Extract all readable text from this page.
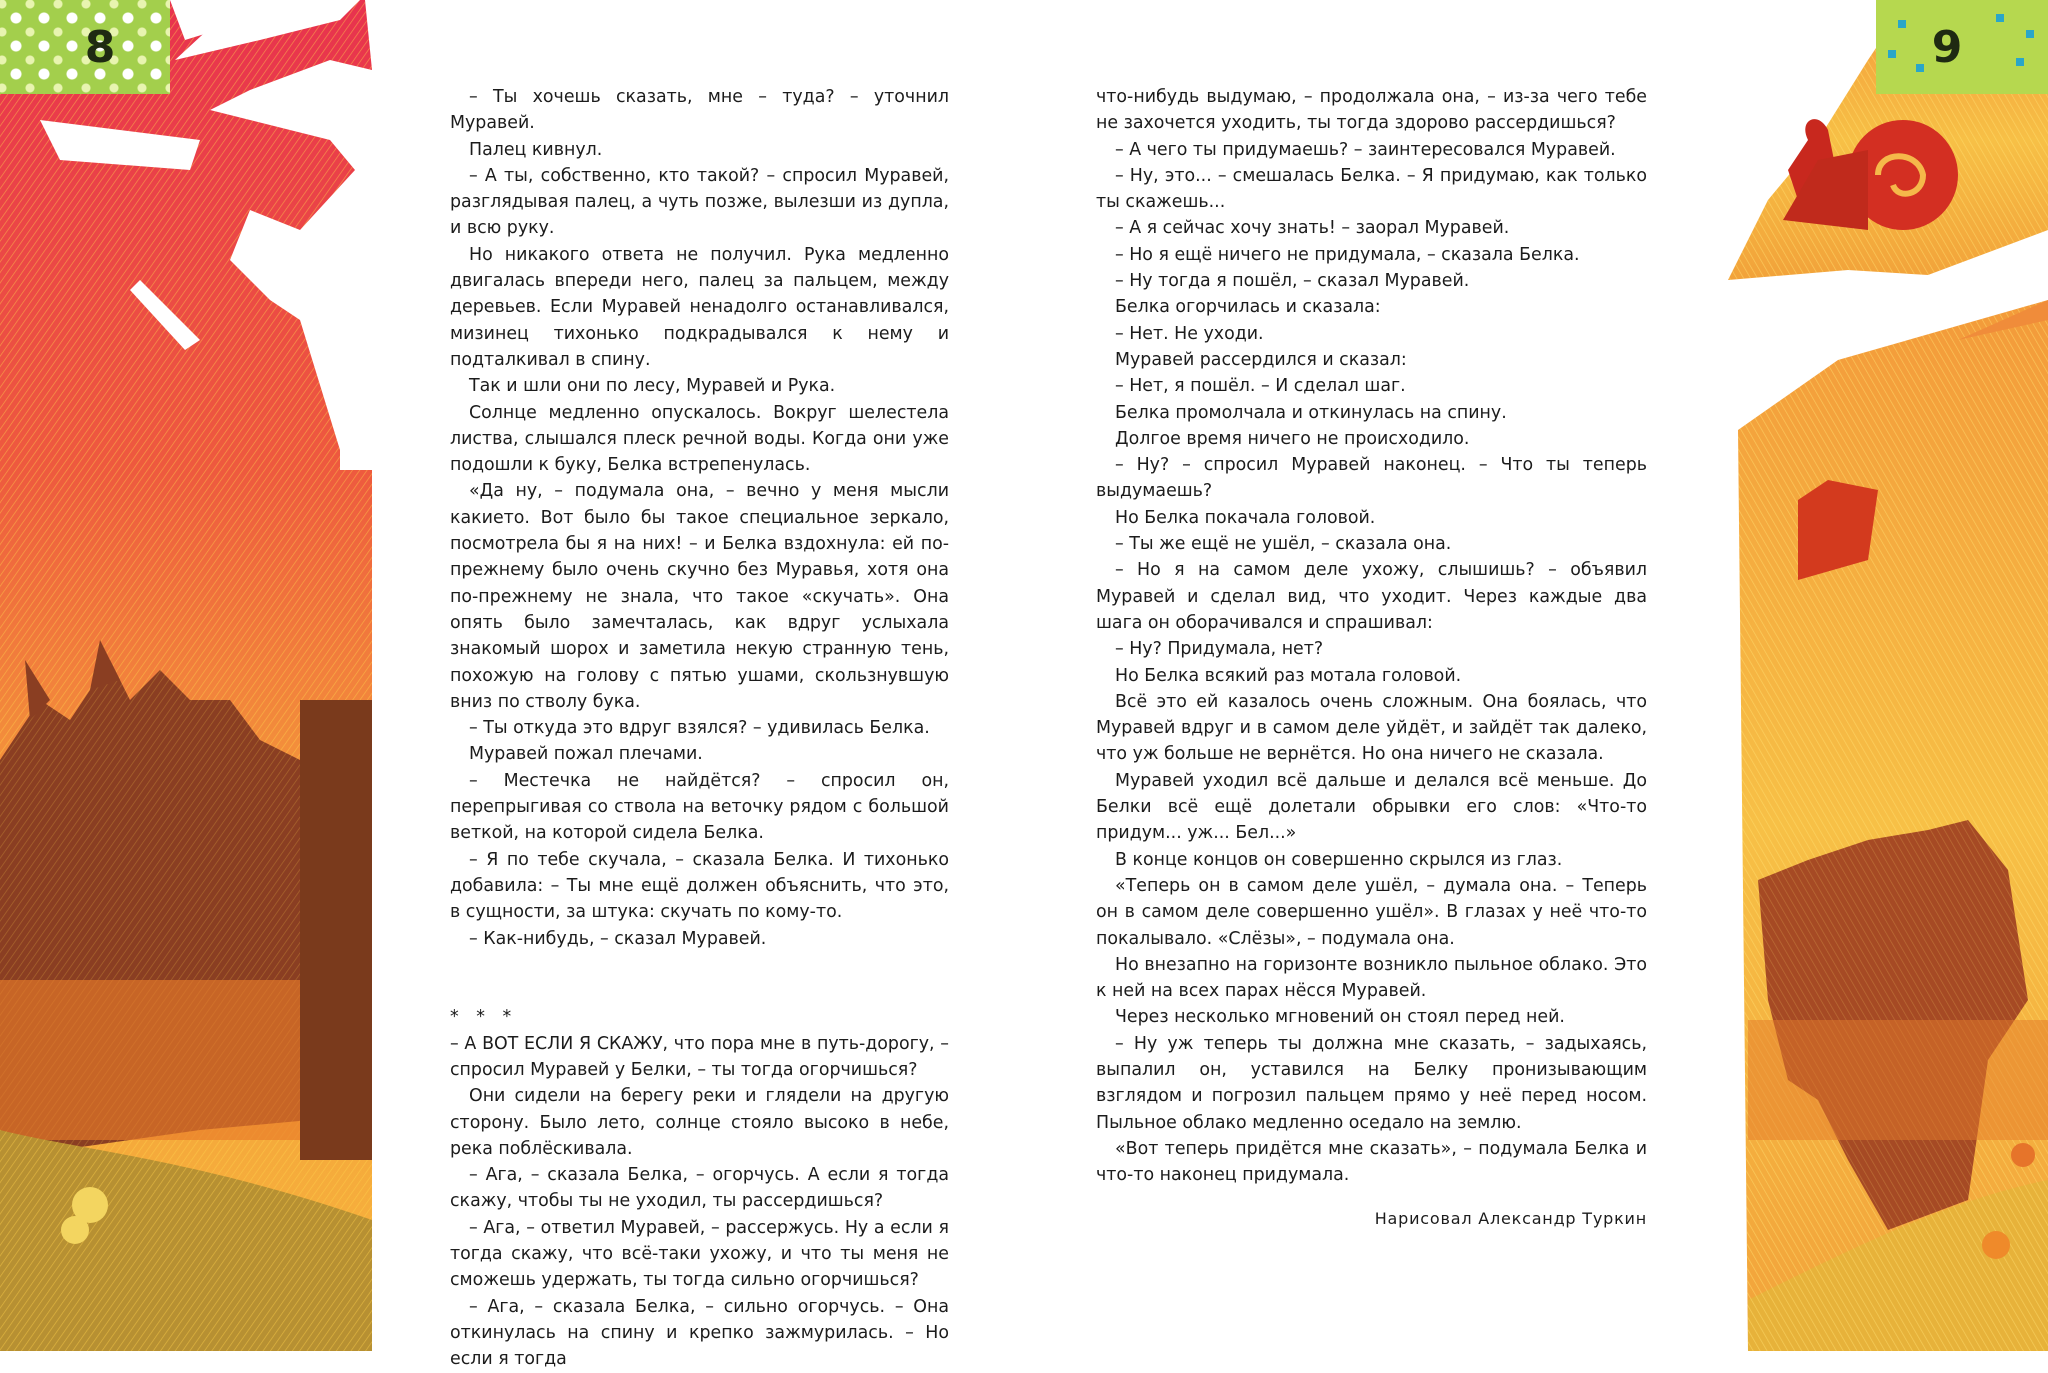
8	9

– Ты хочешь сказать, мне – туда? – уточнил Муравей.

Палец кивнул.

– А ты, собственно, кто такой? – спросил Муравей, разглядывая палец, а чуть позже, вылезши из дупла, и всю руку.

Но никакого ответа не получил. Рука медленно двигалась впереди него, палец за пальцем, между деревьев. Если Муравей ненадолго останавливался, мизинец тихонько подкрадывался к нему и подталкивал в спину.

Так и шли они по лесу, Муравей и Рука.

Солнце медленно опускалось. Вокруг шелестела листва, слышался плеск речной воды. Когда они уже подошли к буку, Белка встрепенулась.

«Да ну, – подумала она, – вечно у меня мысли какието. Вот было бы такое специальное зеркало, посмотрела бы я на них! – и Белка вздохнула: ей по-прежнему было очень скучно без Муравья, хотя она по-прежнему не знала, что такое «скучать». Она опять было замечталась, как вдруг услыхала знакомый шорох и заметила некую странную тень, похожую на голову с пятью ушами, скользнувшую вниз по стволу бука.

– Ты откуда это вдруг взялся? – удивилась Белка.

Муравей пожал плечами.

– Местечка не найдётся? – спросил он, перепрыгивая со ствола на веточку рядом с большой веткой, на которой сидела Белка.

– Я по тебе скучала, – сказала Белка. И тихонько добавила: – Ты мне ещё должен объяснить, что это, в сущности, за штука: скучать по кому-то.

– Как-нибудь, – сказал Муравей.

* * *

– А ВОТ ЕСЛИ Я СКАЖУ, что пора мне в путь-дорогу, – спросил Муравей у Белки, – ты тогда огорчишься?

Они сидели на берегу реки и глядели на другую сторону. Было лето, солнце стояло высоко в небе, река поблёскивала.

– Ага, – сказала Белка, – огорчусь. А если я тогда скажу, чтобы ты не уходил, ты рассердишься?

– Ага, – ответил Муравей, – рассержусь. Ну а если я тогда скажу, что всё-таки ухожу, и что ты меня не сможешь удержать, ты тогда сильно огорчишься?

– Ага, – сказала Белка, – сильно огорчусь. – Она откинулась на спину и крепко зажмурилась. – Но если я тогда

что-нибудь выдумаю, – продолжала она, – из-за чего тебе не захочется уходить, ты тогда здорово рассердишься?

– А чего ты придумаешь? – заинтересовался Муравей.

– Ну, это... – смешалась Белка. – Я придумаю, как только ты скажешь...

– А я сейчас хочу знать! – заорал Муравей.

– Но я ещё ничего не придумала, – сказала Белка.

– Ну тогда я пошёл, – сказал Муравей.

Белка огорчилась и сказала:

– Нет. Не уходи.

Муравей рассердился и сказал:

– Нет, я пошёл. – И сделал шаг.

Белка промолчала и откинулась на спину.

Долгое время ничего не происходило.

– Ну? – спросил Муравей наконец. – Что ты теперь выдумаешь?

Но Белка покачала головой.

– Ты же ещё не ушёл, – сказала она.

– Но я на самом деле ухожу, слышишь? – объявил Муравей и сделал вид, что уходит. Через каждые два шага он оборачивался и спрашивал:

– Ну? Придумала, нет?

Но Белка всякий раз мотала головой.

Всё это ей казалось очень сложным. Она боялась, что Муравей вдруг и в самом деле уйдёт, и зайдёт так далеко, что уж больше не вернётся. Но она ничего не сказала.

Муравей уходил всё дальше и делался всё меньше. До Белки всё ещё долетали обрывки его слов: «Что-то придум... уж... Бел...»

В конце концов он совершенно скрылся из глаз.

«Теперь он в самом деле ушёл, – думала она. – Теперь он в самом деле совершенно ушёл». В глазах у неё что-то покалывало. «Слёзы», – подумала она.

Но внезапно на горизонте возникло пыльное облако. Это к ней на всех парах нёсся Муравей.

Через несколько мгновений он стоял перед ней.

– Ну уж теперь ты должна мне сказать, – задыхаясь, выпалил он, уставился на Белку пронизывающим взглядом и погрозил пальцем прямо у неё перед носом. Пыльное облако медленно оседало на землю.

«Вот теперь придётся мне сказать», – подумала Белка и что-то наконец придумала.

Нарисовал Александр Туркин
